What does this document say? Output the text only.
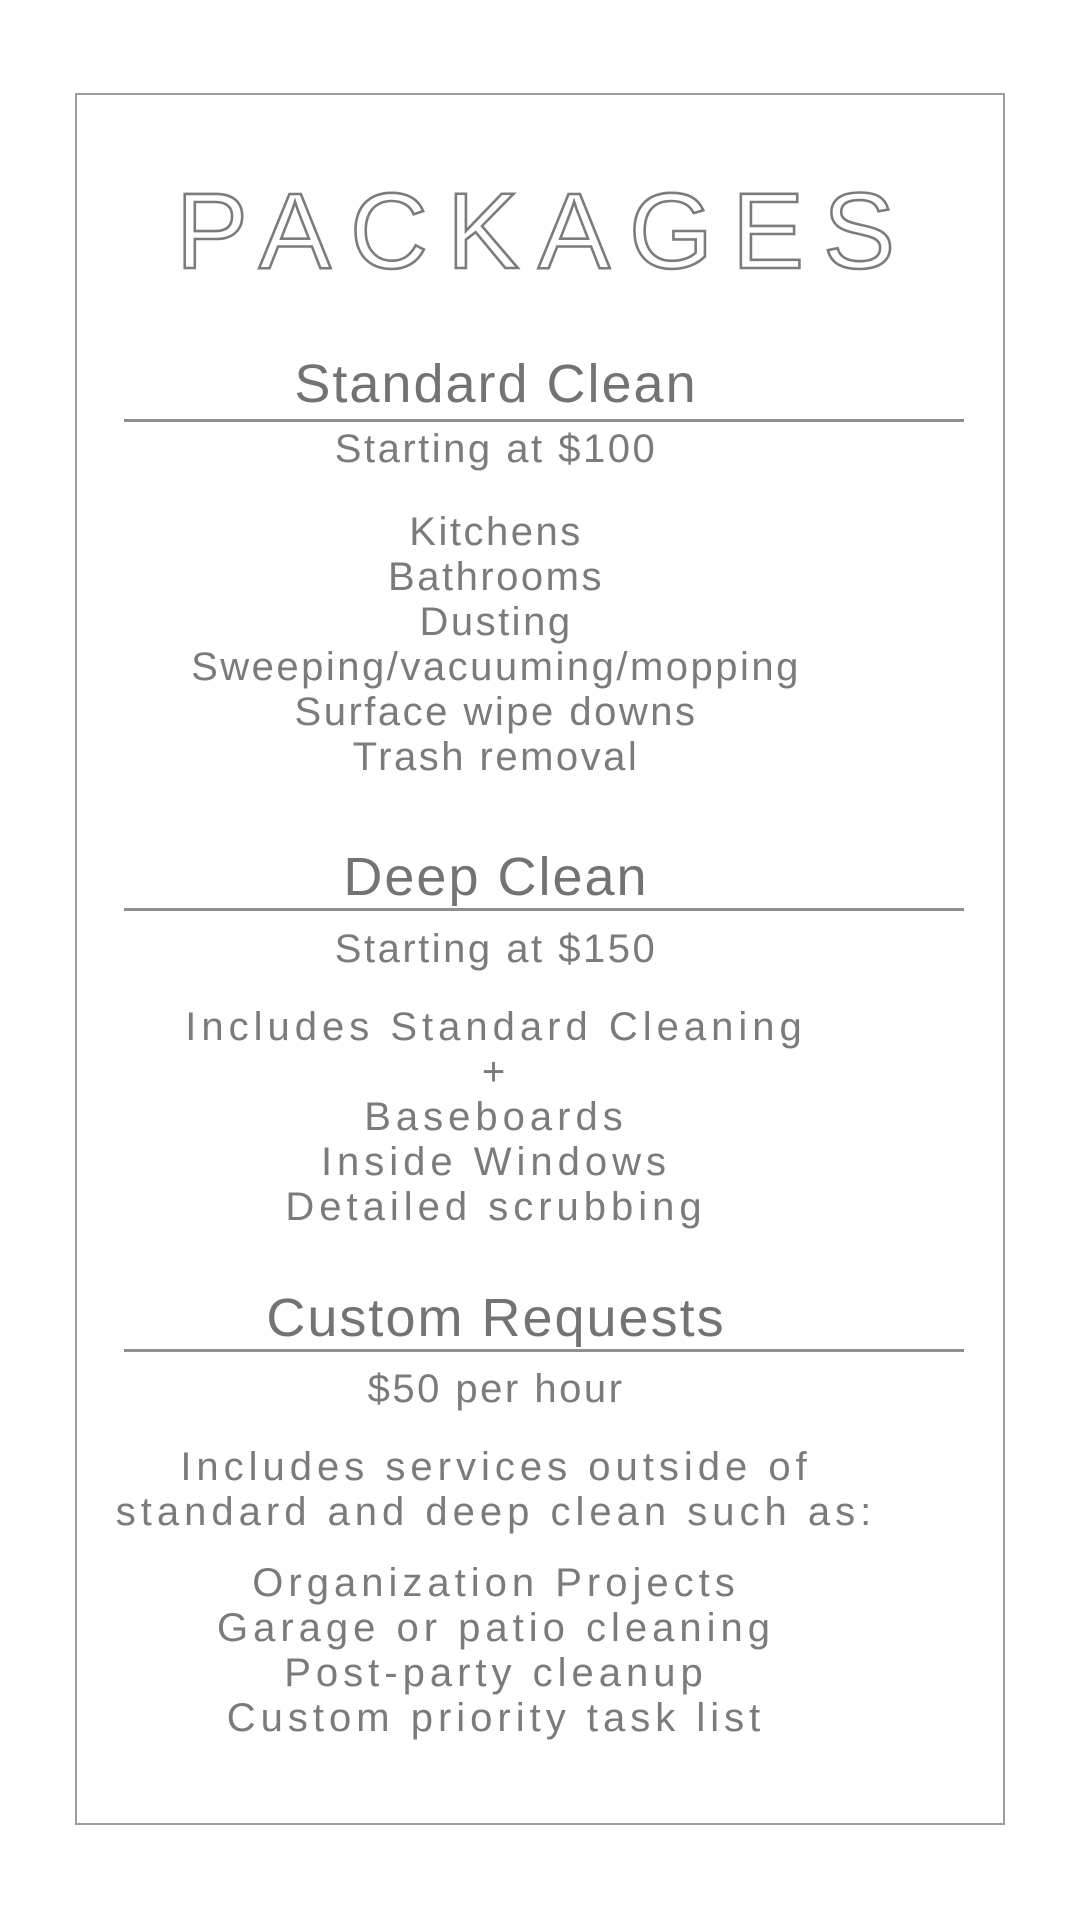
PACKAGES
Standard Clean
Starting at $100
Kitchens
Bathrooms
Dusting
Sweeping/vacuuming/mopping
Surface wipe downs
Trash removal
Deep Clean
Starting at $150
Includes Standard Cleaning
+
Baseboards
Inside Windows
Detailed scrubbing
Custom Requests
$50 per hour
Includes services outside of
standard and deep clean such as:
Organization Projects
Garage or patio cleaning
Post-party cleanup
Custom priority task list
